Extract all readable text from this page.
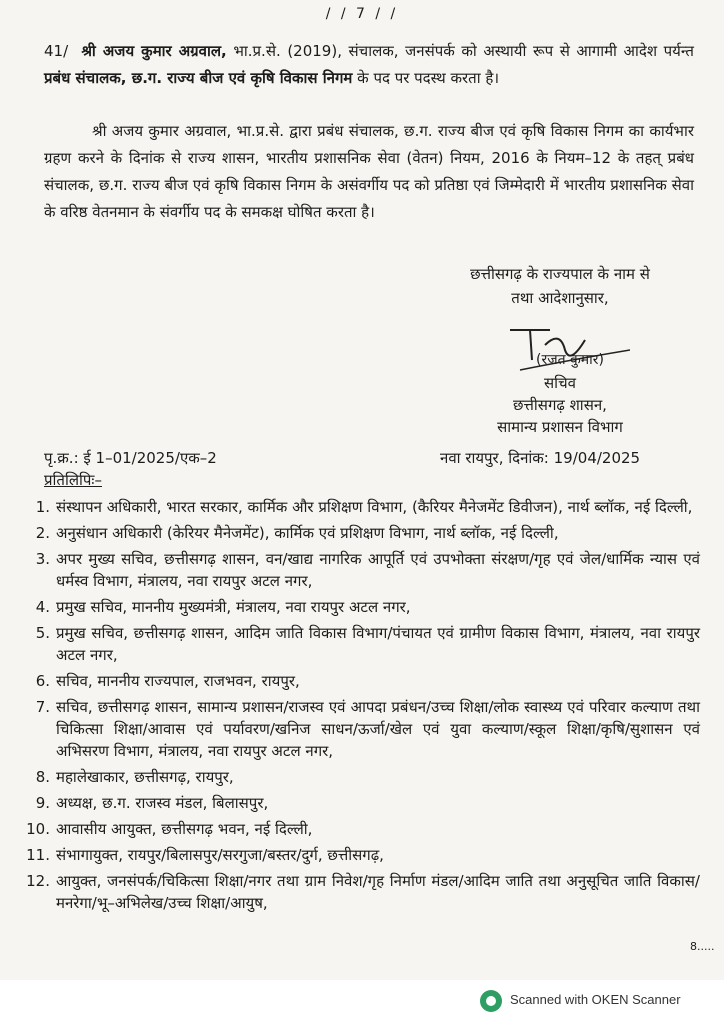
/ / 7 / /

41/ श्री अजय कुमार अग्रवाल, भा.प्र.से. (2019), संचालक, जनसंपर्क को अस्थायी रूप से आगामी आदेश पर्यन्त प्रबंध संचालक, छ.ग. राज्य बीज एवं कृषि विकास निगम के पद पर पदस्थ करता है।

श्री अजय कुमार अग्रवाल, भा.प्र.से. द्वारा प्रबंध संचालक, छ.ग. राज्य बीज एवं कृषि विकास निगम का कार्यभार ग्रहण करने के दिनांक से राज्य शासन, भारतीय प्रशासनिक सेवा (वेतन) नियम, 2016 के नियम–12 के तहत् प्रबंध संचालक, छ.ग. राज्य बीज एवं कृषि विकास निगम के असंवर्गीय पद को प्रतिष्ठा एवं जिम्मेदारी में भारतीय प्रशासनिक सेवा के वरिष्ठ वेतनमान के संवर्गीय पद के समकक्ष घोषित करता है।

छत्तीसगढ़ के राज्यपाल के नाम से
तथा आदेशानुसार,
(रजत कुमार)
सचिव
छत्तीसगढ़ शासन,
सामान्य प्रशासन विभाग
पृ.क्र.: ई 1–01/2025/एक–2	नवा रायपुर, दिनांक: 19/04/2025
प्रतिलिपिः–
1. संस्थापन अधिकारी, भारत सरकार, कार्मिक और प्रशिक्षण विभाग, (कैरियर मैनेजमेंट डिवीजन), नार्थ ब्लॉक, नई दिल्ली,
2. अनुसंधान अधिकारी (केरियर मैनेजमेंट), कार्मिक एवं प्रशिक्षण विभाग, नार्थ ब्लॉक, नई दिल्ली,
3. अपर मुख्य सचिव, छत्तीसगढ़ शासन, वन/खाद्य नागरिक आपूर्ति एवं उपभोक्ता संरक्षण/गृह एवं जेल/धार्मिक न्यास एवं धर्मस्व विभाग, मंत्रालय, नवा रायपुर अटल नगर,
4. प्रमुख सचिव, माननीय मुख्यमंत्री, मंत्रालय, नवा रायपुर अटल नगर,
5. प्रमुख सचिव, छत्तीसगढ़ शासन, आदिम जाति विकास विभाग/पंचायत एवं ग्रामीण विकास विभाग, मंत्रालय, नवा रायपुर अटल नगर,
6. सचिव, माननीय राज्यपाल, राजभवन, रायपुर,
7. सचिव, छत्तीसगढ़ शासन, सामान्य प्रशासन/राजस्व एवं आपदा प्रबंधन/उच्च शिक्षा/लोक स्वास्थ्य एवं परिवार कल्याण तथा चिकित्सा शिक्षा/आवास एवं पर्यावरण/खनिज साधन/ऊर्जा/खेल एवं युवा कल्याण/स्कूल शिक्षा/कृषि/सुशासन एवं अभिसरण विभाग, मंत्रालय, नवा रायपुर अटल नगर,
8. महालेखाकार, छत्तीसगढ़, रायपुर,
9. अध्यक्ष, छ.ग. राजस्व मंडल, बिलासपुर,
10. आवासीय आयुक्त, छत्तीसगढ़ भवन, नई दिल्ली,
11. संभागायुक्त, रायपुर/बिलासपुर/सरगुजा/बस्तर/दुर्ग, छत्तीसगढ़,
12. आयुक्त, जनसंपर्क/चिकित्सा शिक्षा/नगर तथा ग्राम निवेश/गृह निर्माण मंडल/आदिम जाति तथा अनुसूचित जाति विकास/मनरेगा/भू–अभिलेख/उच्च शिक्षा/आयुष,
8.....
Scanned with OKEN Scanner
